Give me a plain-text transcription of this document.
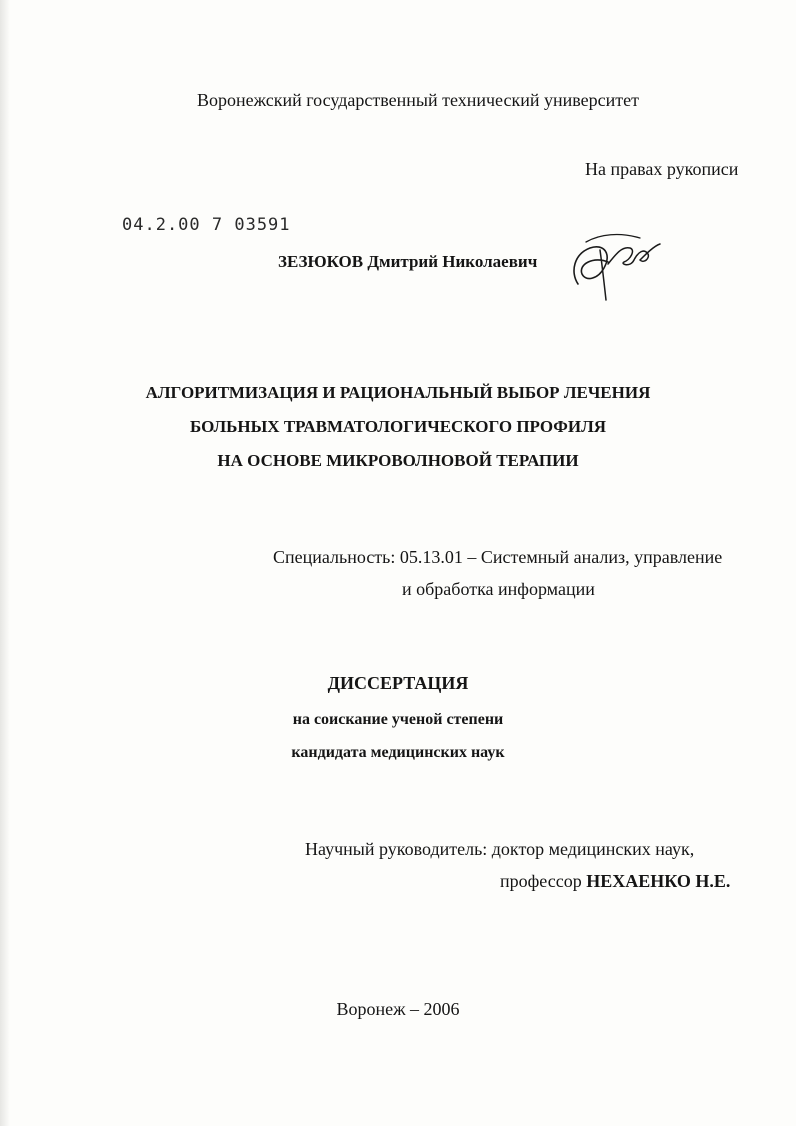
Воронежский государственный технический университет
На правах рукописи
04.2.00 7 03591
ЗЕЗЮКОВ Дмитрий Николаевич
АЛГОРИТМИЗАЦИЯ И РАЦИОНАЛЬНЫЙ ВЫБОР ЛЕЧЕНИЯ
БОЛЬНЫХ ТРАВМАТОЛОГИЧЕСКОГО ПРОФИЛЯ
НА ОСНОВЕ МИКРОВОЛНОВОЙ ТЕРАПИИ
Специальность: 05.13.01 – Системный анализ, управление
и обработка информации
ДИССЕРТАЦИЯ
на соискание ученой степени
кандидата медицинских наук
Научный руководитель: доктор медицинских наук,
профессор НЕХАЕНКО Н.Е.
Воронеж – 2006
